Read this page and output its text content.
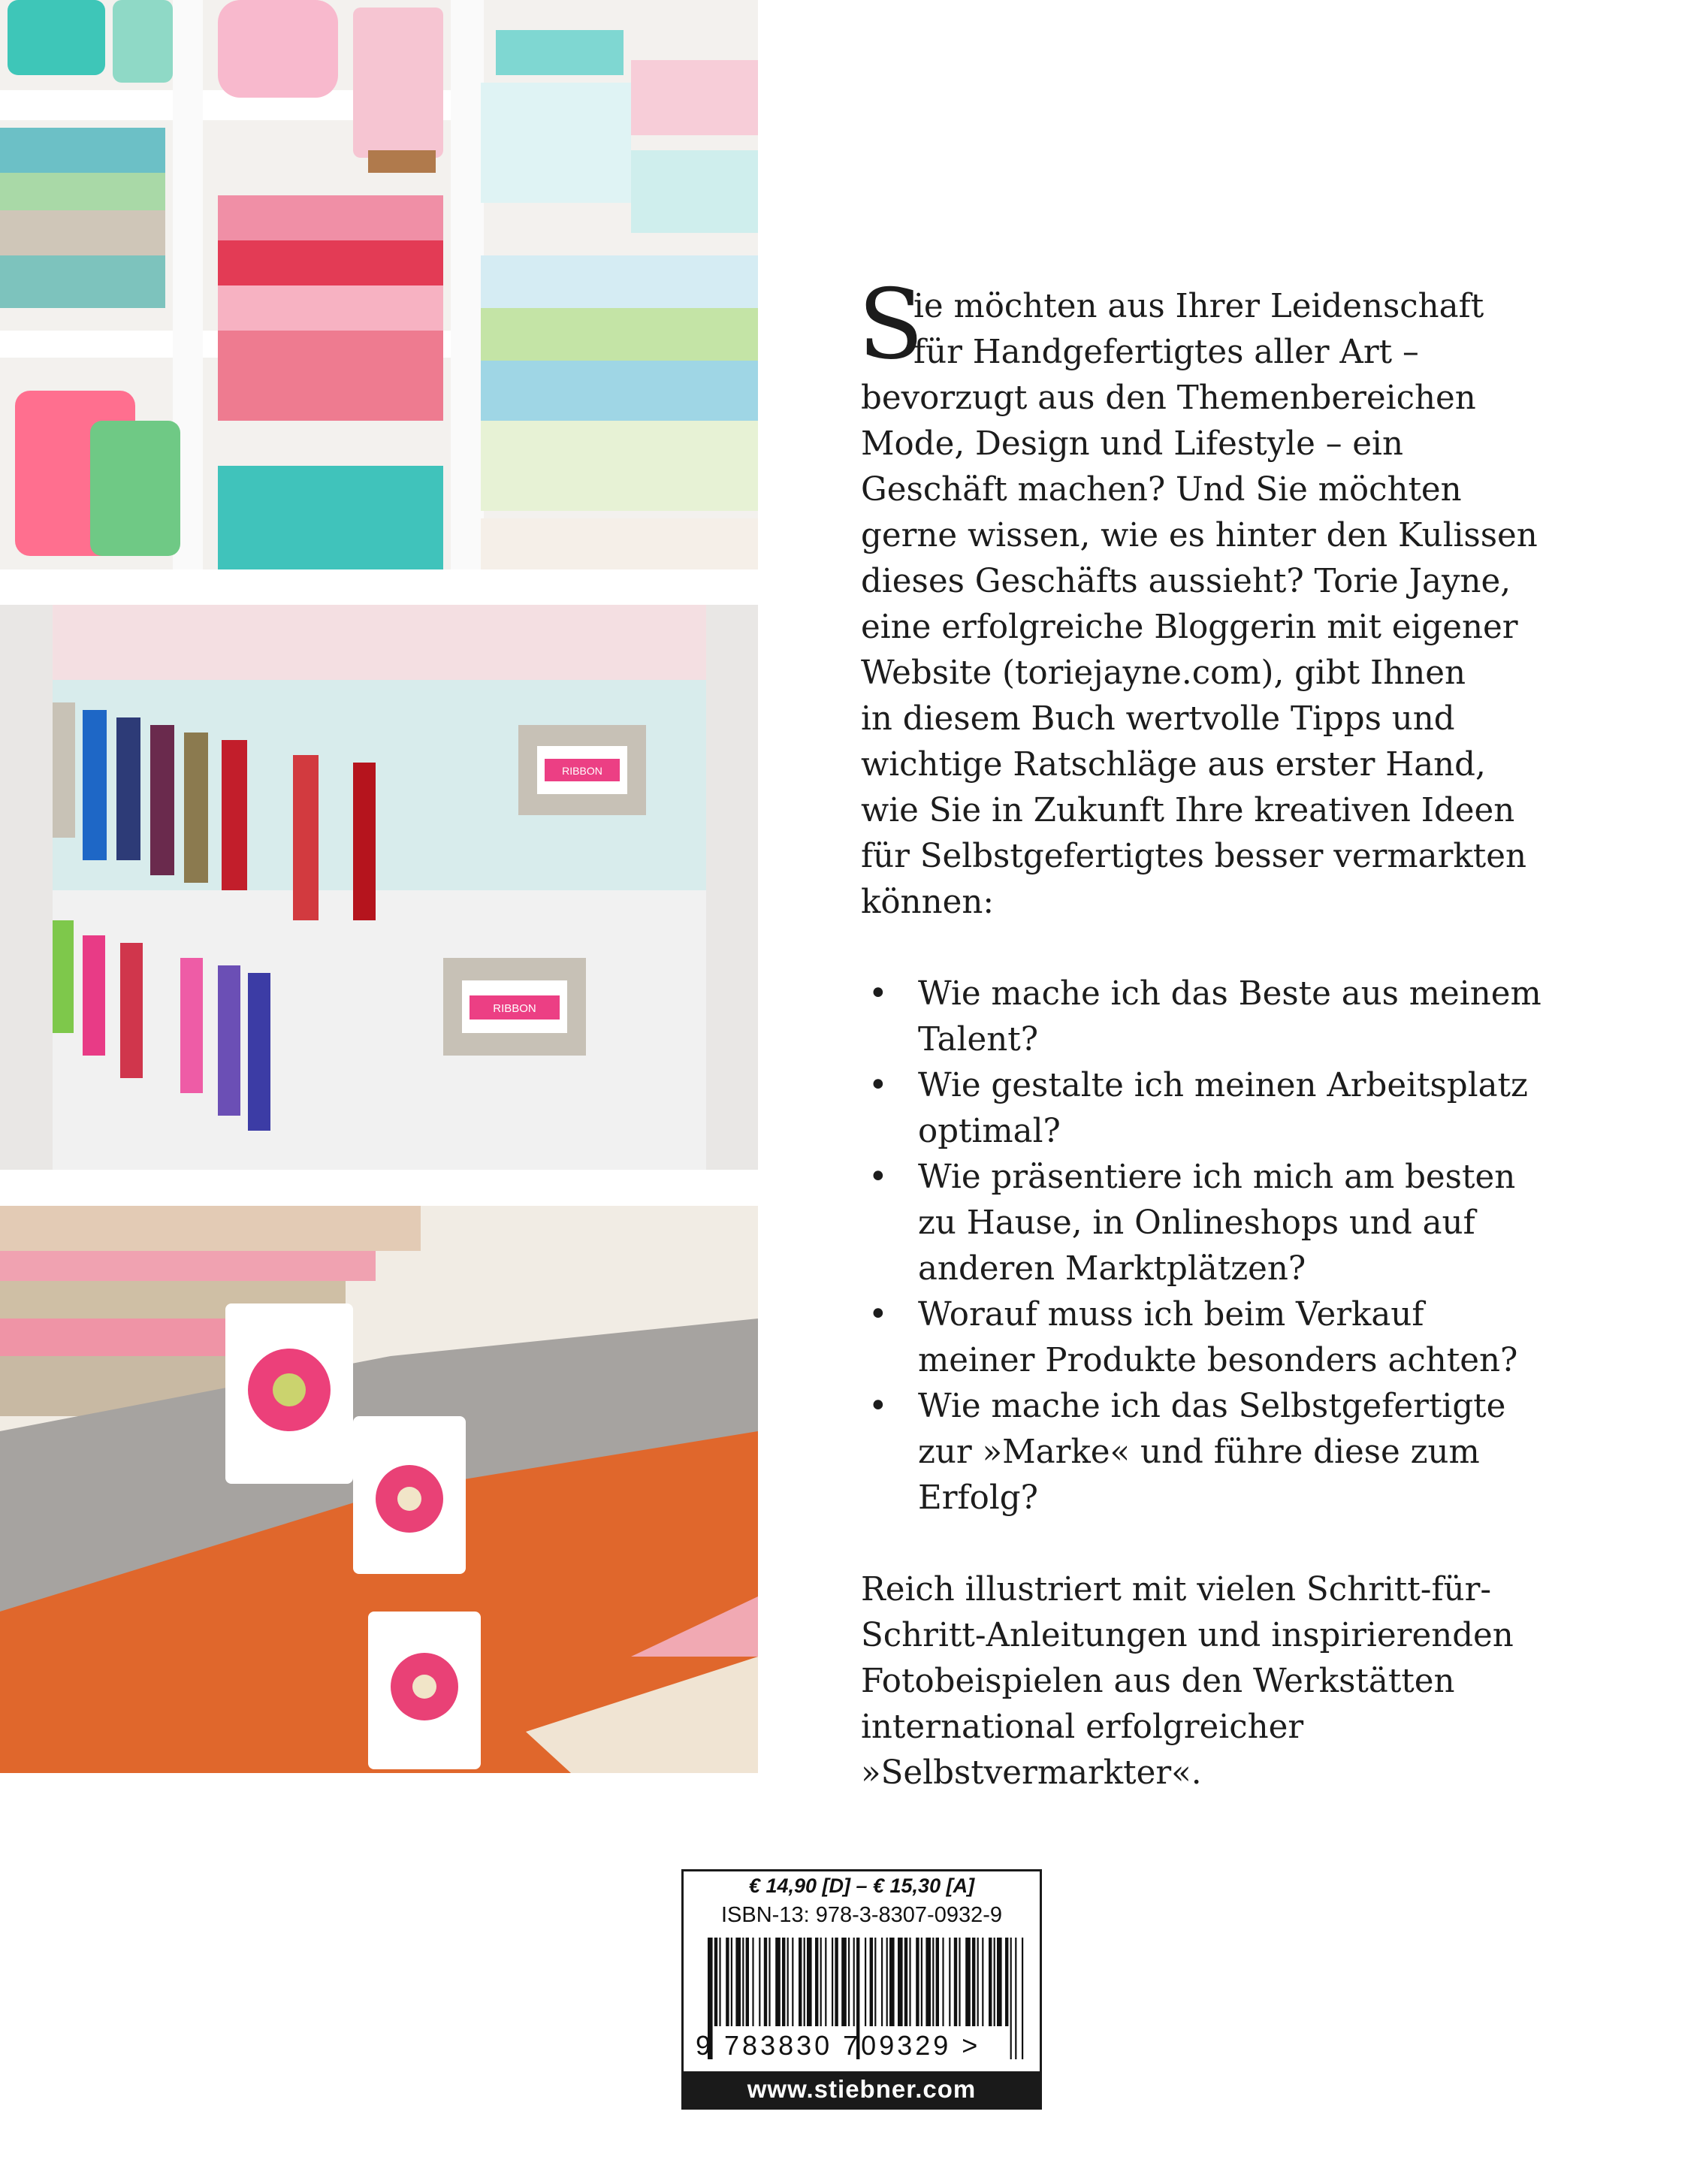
RIBBON
RIBBON
S

ie möchten aus Ihrer Leidenschaft
für Handgefertigtes aller Art –

bevorzugt aus den Themenbereichen
Mode, Design und Lifestyle – ein
Geschäft machen? Und Sie möchten
gerne wissen, wie es hinter den Kulissen
dieses Geschäfts aussieht? Torie Jayne,
eine erfolgreiche Bloggerin mit eigener
Website (toriejayne.com), gibt Ihnen
in diesem Buch wertvolle Tipps und
wichtige Ratschläge aus erster Hand,
wie Sie in Zukunft Ihre kreativen Ideen
für Selbstgefertigtes besser vermarkten
können:

• Wie mache ich das Beste aus meinem
Talent?
• Wie gestalte ich meinen Arbeitsplatz
optimal?
• Wie präsentiere ich mich am besten
zu Hause, in Onlineshops und auf
anderen Marktplätzen?
• Worauf muss ich beim Verkauf
meiner Produkte besonders achten?
• Wie mache ich das Selbstgefertigte
zur »Marke« und führe diese zum
Erfolg?

Reich illustriert mit vielen Schritt-für-
Schritt-Anleitungen und inspirierenden
Fotobeispielen aus den Werkstätten
international erfolgreicher
»Selbstvermarkter«.

€ 14,90 [D] – € 15,30 [A]
ISBN-13: 978-3-8307-0932-9
9 783830 709329 >
www.stiebner.com
